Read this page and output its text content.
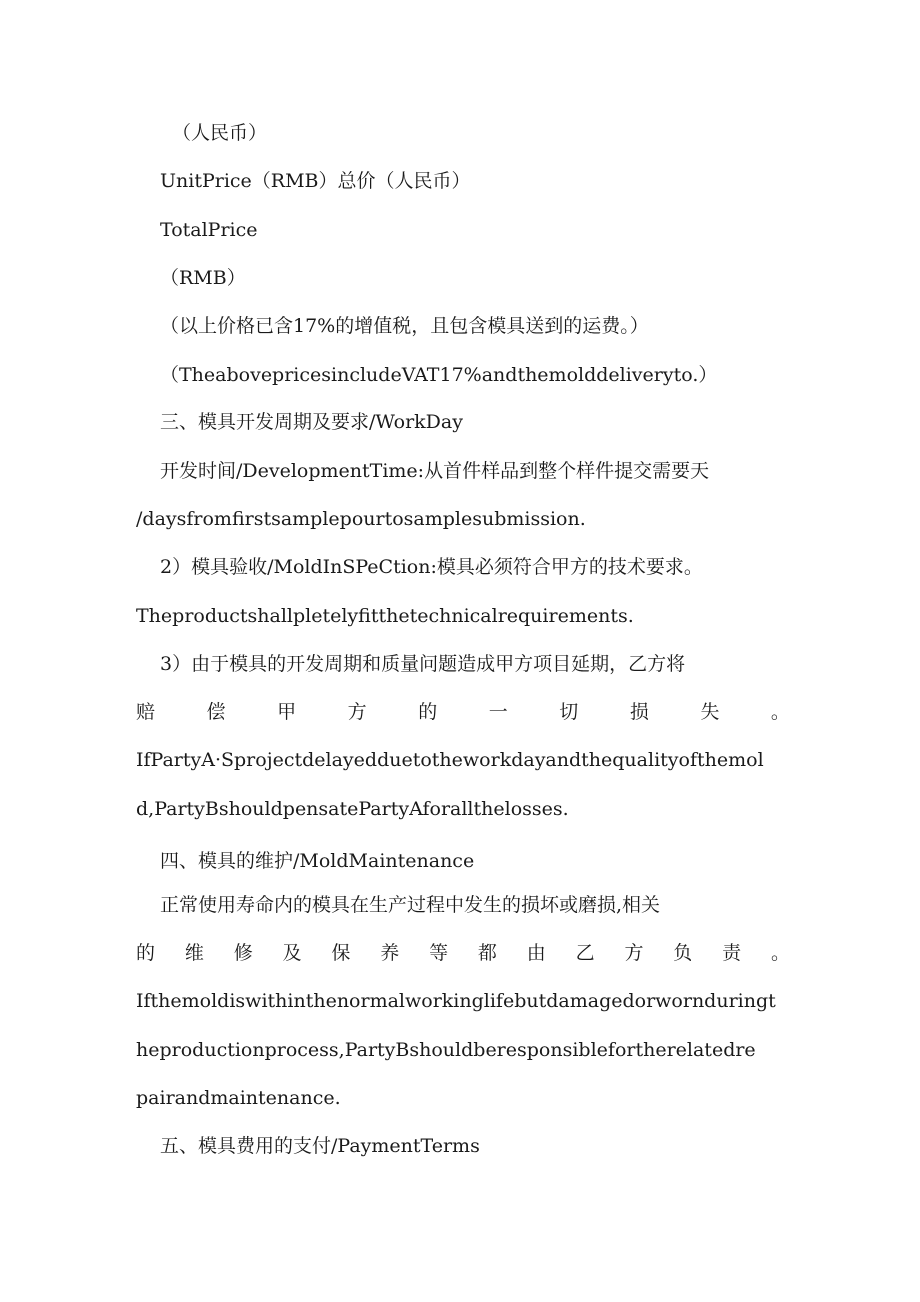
（人民币）
UnitPrice（RMB）总价（人民币）
TotalPrice
（RMB）
（以上价格已含17%的增值税，且包含模具送到的运费。）
（TheabovepricesincludeVAT17%andthemolddeliveryto.）
三、模具开发周期及要求/WorkDay
开发时间/DevelopmentTime:从首件样品到整个样件提交需要天
/daysfromfirstsamplepourtosamplesubmission.
2）模具验收/MoldInSPeCtion:模具必须符合甲方的技术要求。
Theproductshallpletelyfitthetechnicalrequirements.
3）由于模具的开发周期和质量问题造成甲方项目延期，乙方将
赔	偿	甲	方	的	一	切	损	失	。
IfPartyA·Sprojectdelayeddueto​theworkdayandthequalityofthemol
d,PartyBshouldpensatePartyAforallthelosses.
四、模具的维护/MoldMaintenance
正常使用寿命内的模具在生产过程中发生的损坏或磨损,相关
的 维 修 及 保 养 等 都 由 乙 方 负 责 。
Ifthemoldiswithinthenormalworkinglifebutdamagedorwornduringt
heproductionprocess,PartyBshouldberesponsiblefortherelatedre
pairandmaintenance.
五、模具费用的支付/PaymentTerms
